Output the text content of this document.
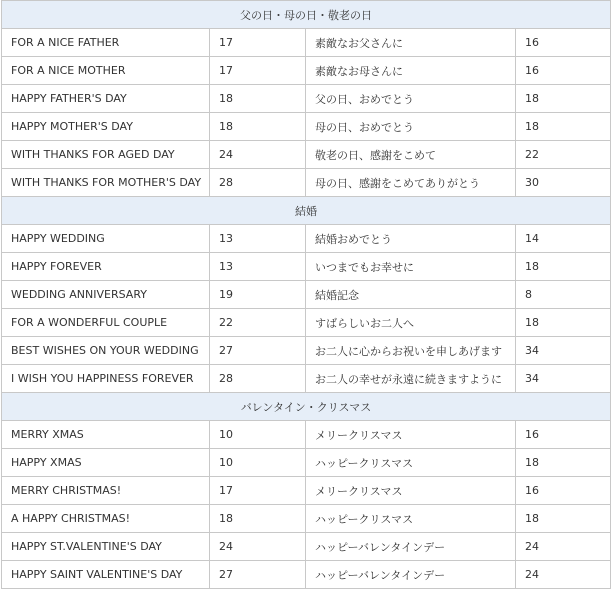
父の日・母の日・敬老の日			
FOR A NICE FATHER	17	素敵なお父さんに	16
FOR A NICE MOTHER	17	素敵なお母さんに	16
HAPPY FATHER'S DAY	18	父の日、おめでとう	18
HAPPY MOTHER'S DAY	18	母の日、おめでとう	18
WITH THANKS FOR AGED DAY	24	敬老の日、感謝をこめて	22
WITH THANKS FOR MOTHER'S DAY	28	母の日、感謝をこめてありがとう	30
結婚			
HAPPY WEDDING	13	結婚おめでとう	14
HAPPY FOREVER	13	いつまでもお幸せに	18
WEDDING ANNIVERSARY	19	結婚記念	8
FOR A WONDERFUL COUPLE	22	すばらしいお二人へ	18
BEST WISHES ON YOUR WEDDING	27	お二人に心からお祝いを申しあげます	34
I WISH YOU HAPPINESS FOREVER	28	お二人の幸せが永遠に続きますように	34
バレンタイン・クリスマス			
MERRY XMAS	10	メリークリスマス	16
HAPPY XMAS	10	ハッピークリスマス	18
MERRY CHRISTMAS!	17	メリークリスマス	16
A HAPPY CHRISTMAS!	18	ハッピークリスマス	18
HAPPY ST.VALENTINE'S DAY	24	ハッピーバレンタインデー	24
HAPPY SAINT VALENTINE'S DAY	27	ハッピーバレンタインデー	24
